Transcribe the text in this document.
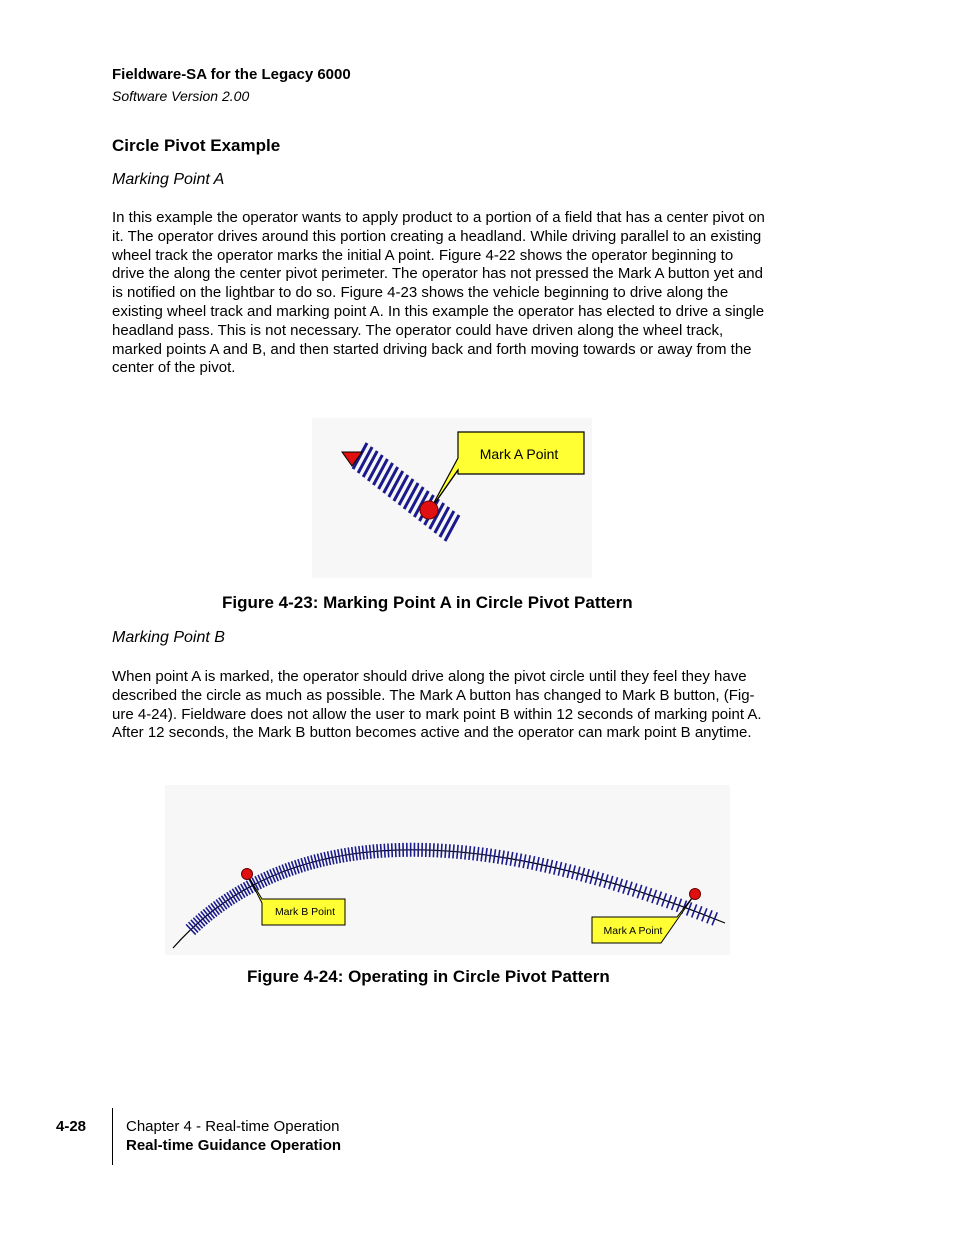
Fieldware-SA for the Legacy 6000
Software Version 2.00
Circle Pivot Example
Marking Point A
In this example the operator wants to apply product to a portion of a field that has a center pivot on
it. The operator drives around this portion creating a headland. While driving parallel to an existing
wheel track the operator marks the initial A point. Figure 4-22 shows the operator beginning to
drive the along the center pivot perimeter. The operator has not pressed the Mark A button yet and
is notified on the lightbar to do so. Figure 4-23 shows the vehicle beginning to drive along the
existing wheel track and marking point A. In this example the operator has elected to drive a single
headland pass. This is not necessary. The operator could have driven along the wheel track,
marked points A and B, and then started driving back and forth moving towards or away from the
center of the pivot.
Mark A Point
Figure 4-23: Marking Point A in Circle Pivot Pattern
Marking Point B
When point A is marked, the operator should drive along the pivot circle until they feel they have
described the circle as much as possible. The Mark A button has changed to Mark B button, (Fig-
ure 4-24). Fieldware does not allow the user to mark point B within 12 seconds of marking point A.
After 12 seconds, the Mark B button becomes active and the operator can mark point B anytime.
Mark B Point
Mark A Point
Figure 4-24: Operating in Circle Pivot Pattern
4-28	Chapter 4 - Real-time Operation
Real-time Guidance Operation
